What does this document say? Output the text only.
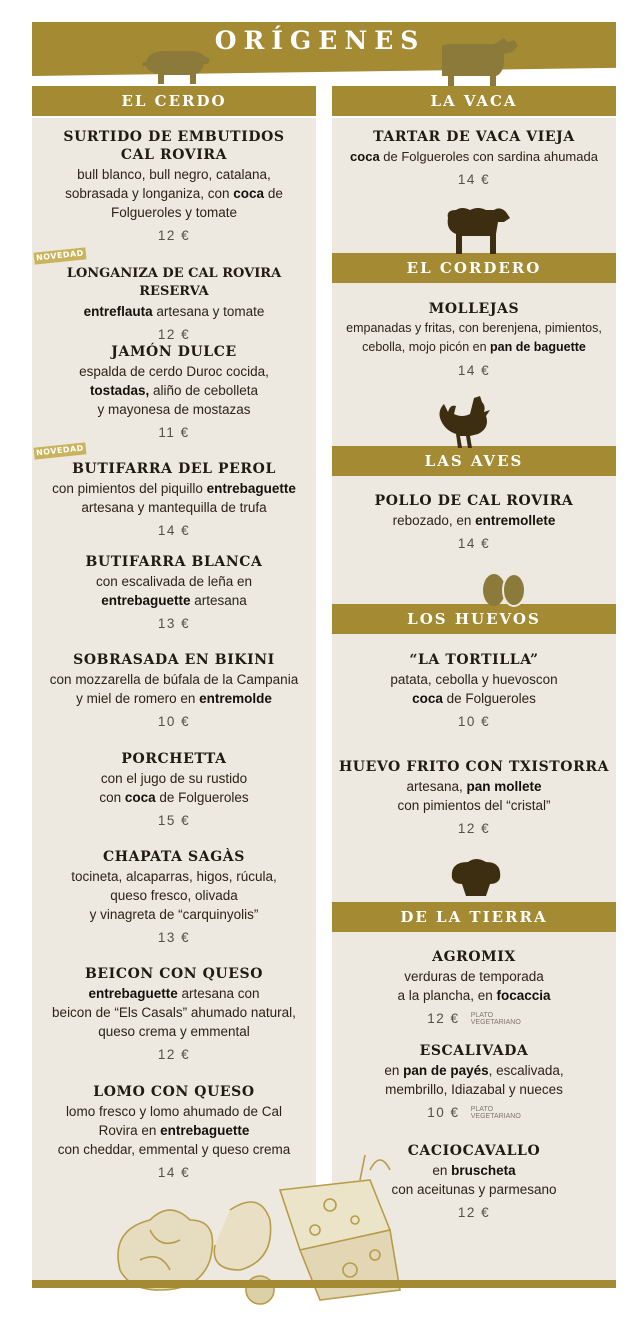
ORÍGENES
EL CERDO	LA VACA
EL CORDERO
LAS AVES
LOS HUEVOS
DE LA TIERRA
NOVEDAD
NOVEDAD
SURTIDO DE EMBUTIDOS
CAL ROVIRA
bull blanco, bull negro, catalana,
sobrasada y longaniza, con coca de
Folgueroles y tomate
12 €
LONGANIZA DE CAL ROVIRA RESERVA
entreflauta artesana y tomate
12 €
JAMÓN DULCE
espalda de cerdo Duroc cocida,
tostadas, aliño de cebolleta
y mayonesa de mostazas
11 €
BUTIFARRA DEL PEROL
con pimientos del piquillo entrebaguette
artesana y mantequilla de trufa
14 €
BUTIFARRA BLANCA
con escalivada de leña en
entrebaguette artesana
13 €
SOBRASADA EN BIKINI
con mozzarella de búfala de la Campania
y miel de romero en entremolde
10 €
PORCHETTA
con el jugo de su rustido
con coca de Folgueroles
15 €
CHAPATA SAGÀS
tocineta, alcaparras, higos, rúcula,
queso fresco, olivada
y vinagreta de “carquinyolis”
13 €
BEICON CON QUESO
entrebaguette artesana con
beicon de “Els Casals” ahumado natural,
queso crema y emmental
12 €
LOMO CON QUESO
lomo fresco y lomo ahumado de Cal
Rovira en entrebaguette
con cheddar, emmental y queso crema
14 €
TARTAR DE VACA VIEJA
coca de Folgueroles con sardina ahumada
14 €
MOLLEJAS
empanadas y fritas, con berenjena, pimientos,
cebolla, mojo picón en pan de baguette
14 €
POLLO DE CAL ROVIRA
rebozado, en entremollete
14 €
“LA TORTILLA”
patata, cebolla y huevoscon
coca de Folgueroles
10 €
HUEVO FRITO CON TXISTORRA
artesana, pan mollete
con pimientos del “cristal”
12 €
AGROMIX
verduras de temporada
a la plancha, en focaccia
12 € PLATO
VEGETARIANO
ESCALIVADA
en pan de payés, escalivada,
membrillo, Idiazabal y nueces
10 € PLATO
VEGETARIANO
CACIOCAVALLO
en bruscheta
con aceitunas y parmesano
12 €
